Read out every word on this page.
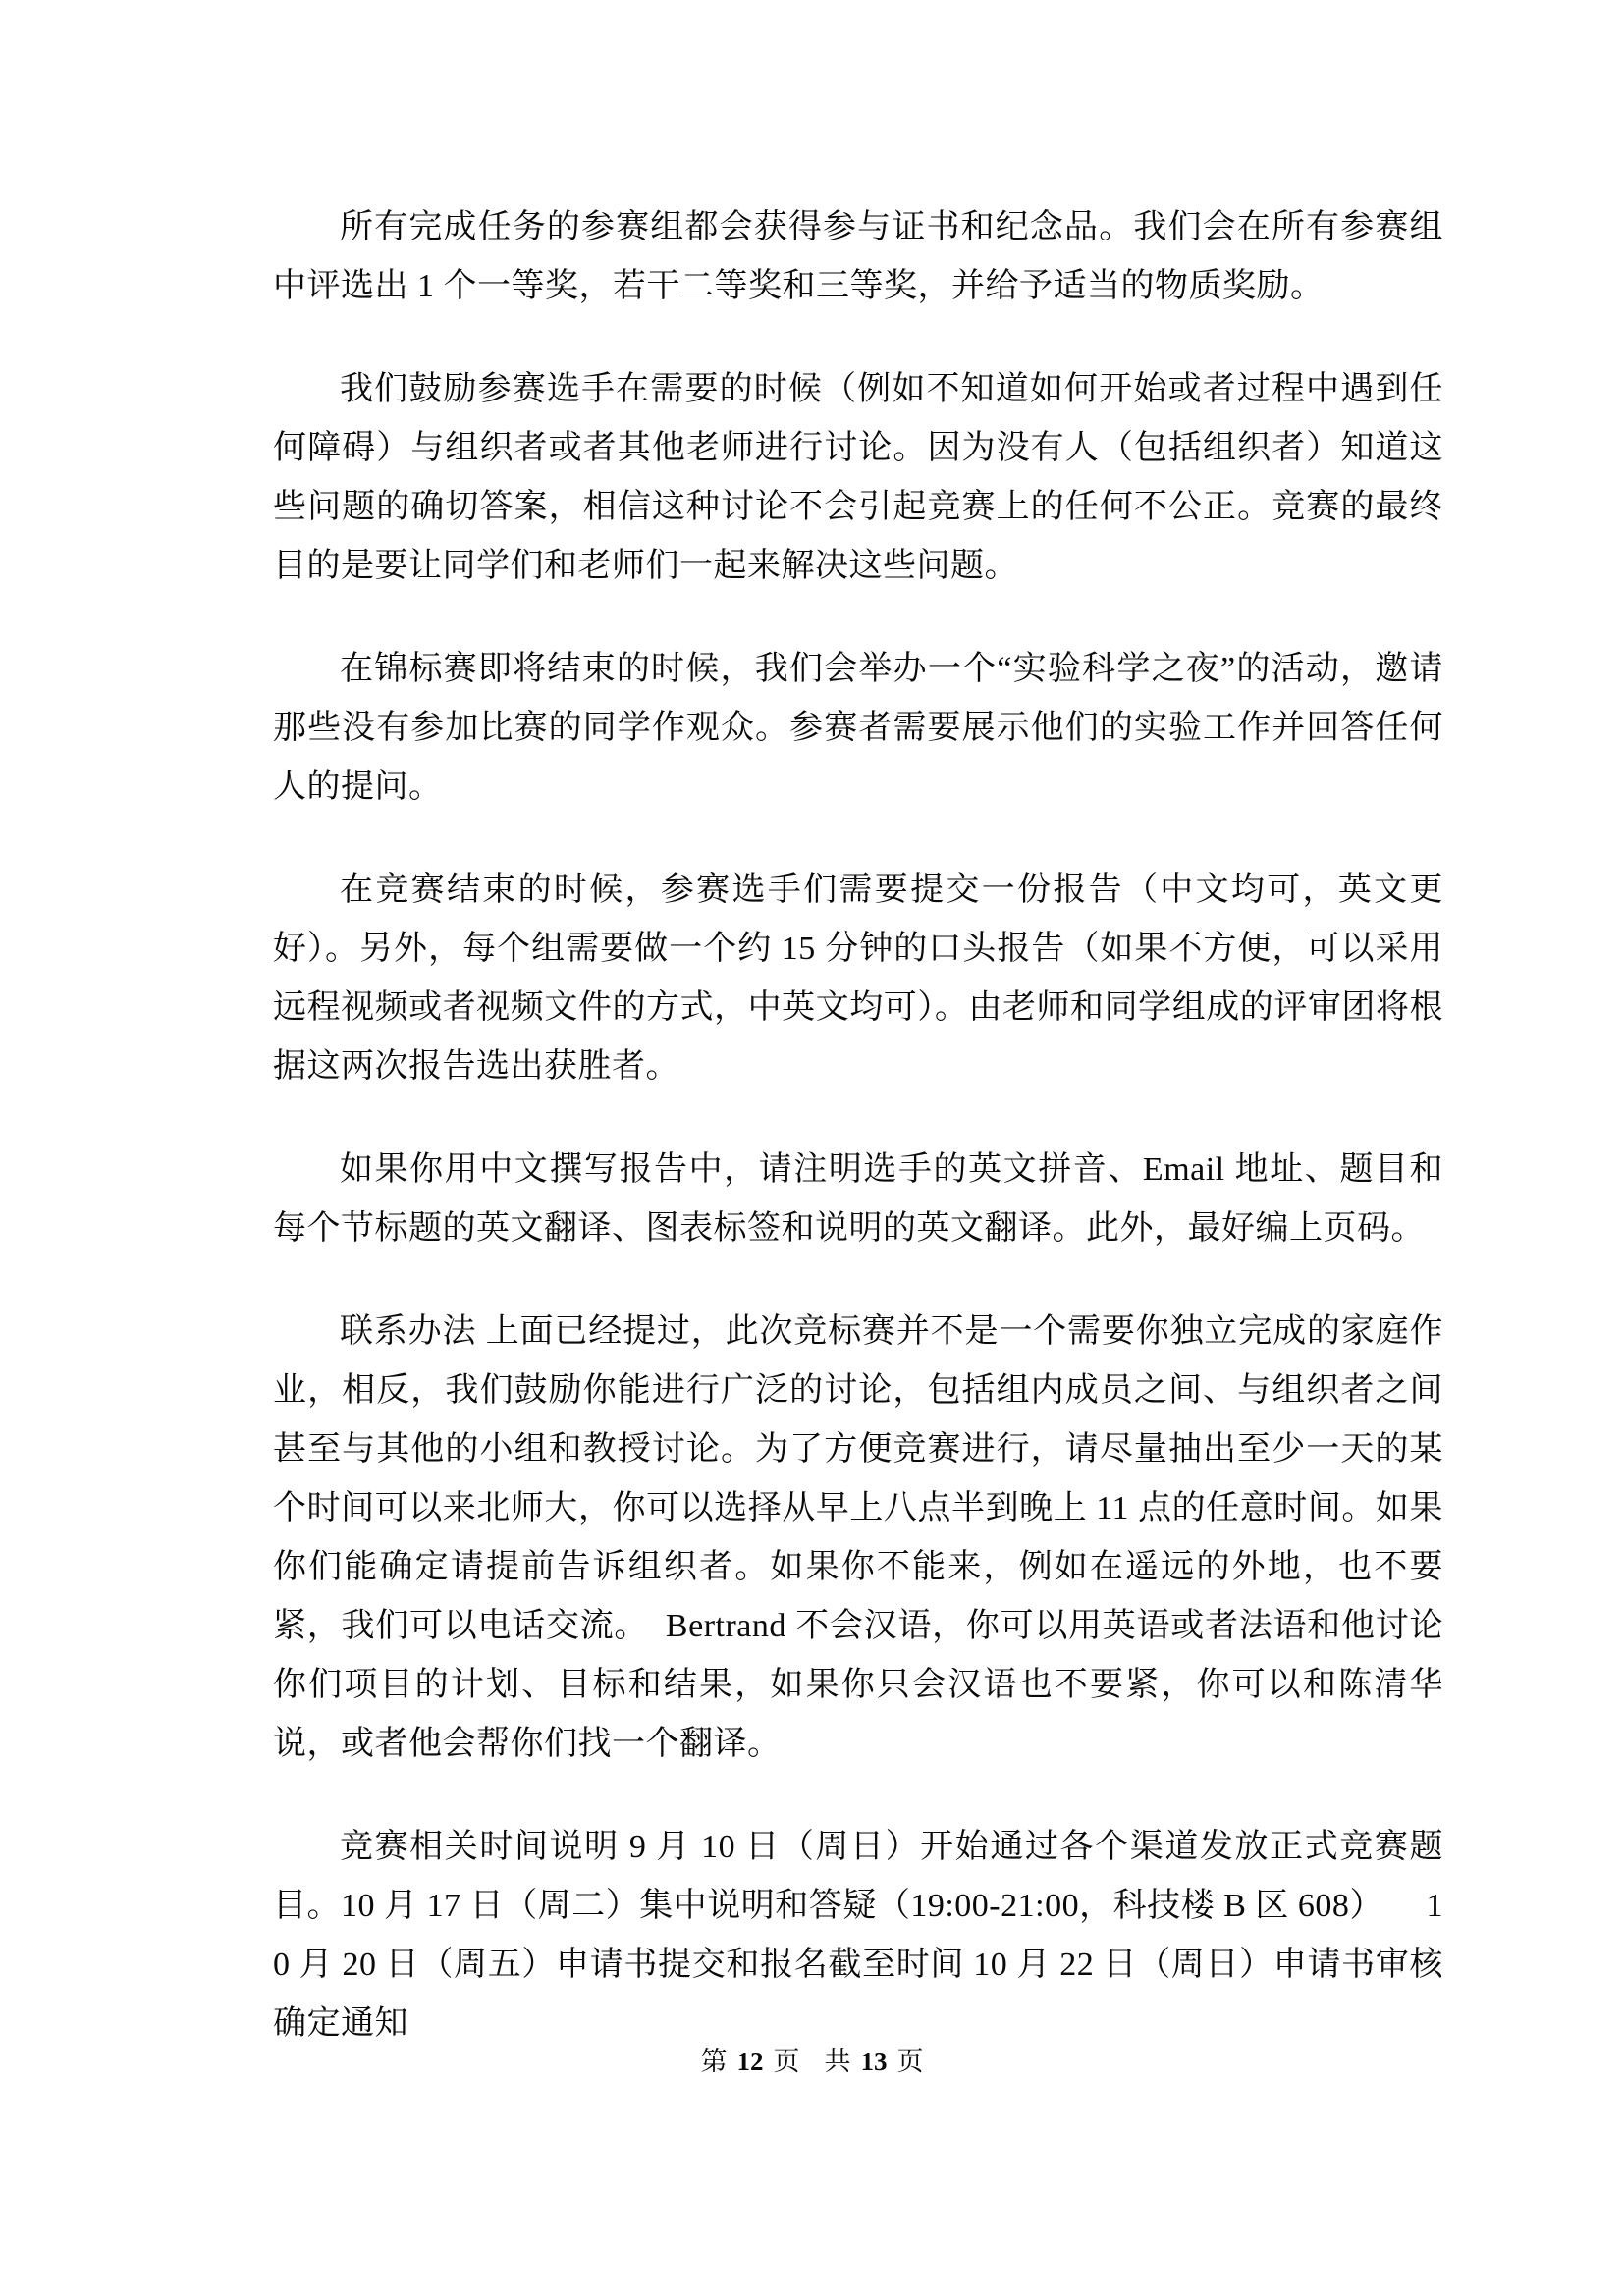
所有完成任务的参赛组都会获得参与证书和纪念品。我们会在所有参赛组中评选出 1 个一等奖，若干二等奖和三等奖，并给予适当的物质奖励。

我们鼓励参赛选手在需要的时候（例如不知道如何开始或者过程中遇到任何障碍）与组织者或者其他老师进行讨论。因为没有人（包括组织者）知道这些问题的确切答案，相信这种讨论不会引起竞赛上的任何不公正。竞赛的最终目的是要让同学们和老师们一起来解决这些问题。

在锦标赛即将结束的时候，我们会举办一个“实验科学之夜”的活动，邀请那些没有参加比赛的同学作观众。参赛者需要展示他们的实验工作并回答任何人的提问。

在竞赛结束的时候，参赛选手们需要提交一份报告（中文均可，英文更好）。另外，每个组需要做一个约 15 分钟的口头报告（如果不方便，可以采用远程视频或者视频文件的方式，中英文均可）。由老师和同学组成的评审团将根据这两次报告选出获胜者。

如果你用中文撰写报告中，请注明选手的英文拼音、Email 地址、题目和每个节标题的英文翻译、图表标签和说明的英文翻译。此外，最好编上页码。

联系办法 上面已经提过，此次竞标赛并不是一个需要你独立完成的家庭作业，相反，我们鼓励你能进行广泛的讨论，包括组内成员之间、与组织者之间甚至与其他的小组和教授讨论。为了方便竞赛进行，请尽量抽出至少一天的某个时间可以来北师大，你可以选择从早上八点半到晚上 11 点的任意时间。如果你们能确定请提前告诉组织者。如果你不能来，例如在遥远的外地，也不要紧，我们可以电话交流。　Bertrand 不会汉语，你可以用英语或者法语和他讨论你们项目的计划、目标和结果，如果你只会汉语也不要紧，你可以和陈清华说，或者他会帮你们找一个翻译。

竞赛相关时间说明 9 月 10 日（周日）开始通过各个渠道发放正式竞赛题目。10 月 17 日（周二）集中说明和答疑（19:00-21:00，科技楼 B 区 608）  10 月 20 日（周五）申请书提交和报名截至时间 10 月 22 日（周日）申请书审核确定通知

第 12 页 共 13 页
